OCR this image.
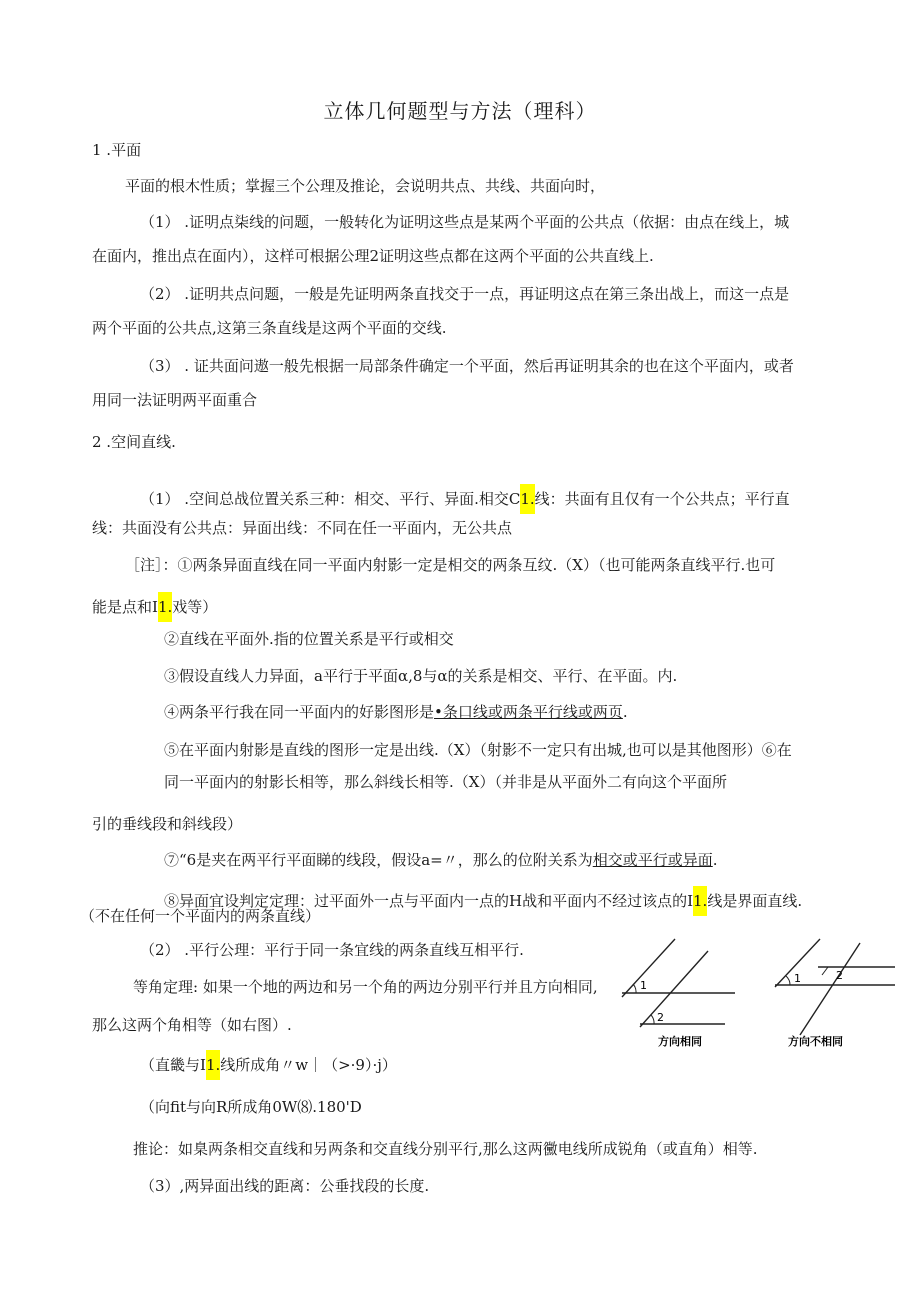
立体几何题型与方法（理科）
1 .平面
平面的根木性质；掌握三个公理及推论，会说明共点、共线、共面向时，
（1） .证明点柒线的问题，一般转化为证明这些点是某两个平面的公共点（依据：由点在线上，城
在面内，推出点在面内），这样可根据公理2证明这些点都在这两个平面的公共直线上.
（2） .证明共点问题，一般是先证明两条直找交于一点，再证明这点在第三条出战上，而这一点是
两个平面的公共点,这第三条直线是这两个平面的交线.
（3） . 证共面问遨一般先根据一局部条件确定一个平面，然后再证明其余的也在这个平面内，或者
用同一法证明两平面重合
2 .空间直线.
（1） .空间总战位置关系三种：相交、平行、异面.相交C1.线：共面有且仅有一个公共点；平行直
线：共面没有公共点：异面出线：不同在任一平面内，无公共点
［注］：①两条异面直线在同一平面内射影一定是相交的两条互纹.（X）（也可能两条直线平行.也可
能是点和I1.戏等）
②直线在平面外.指的位置关系是平行或相交
③假设直线人力异面，a平行于平面α,8与α的关系是相交、平行、在平面。内.
④两条平行我在同一平面内的好影图形是•条口线或两条平行线或两页.
⑤在平面内射影是直线的图形一定是出线.（X）（射影不一定只有出城,也可以是其他图形）⑥在
同一平面内的射影长相等，那么斜线长相等.（X）（并非是从平面外二有向这个平面所
引的垂线段和斜线段）
⑦“6是夹在两平行平面睇的线段，假设a=〃，那么的位附关系为相交或平行或异面.
⑧异面宜设判定定理：过平面外一点与平面内一点的H战和平面内不经过该点的I1.线是界面直线.
（不在任何一个平面内的两条直线）
（2） .平行公理：平行于同一条宜线的两条直线互相平行.
等角定理: 如果一个地的两边和另一个角的两边分别平行并且方向相同,
那么这两个角相等（如右图）.
（直畿与I1.线所成角〃w｜（>·9）·j）
（向fit与向R所成角0W⑻.180'D
推论：如臬两条相交直线和另两条和交直线分别平行,那么这两黴电线所成锐角（或直角）相等.
（3）,两异面出线的距离：公垂找段的长度.
1
2
方向相同
1	2
方向不相同
